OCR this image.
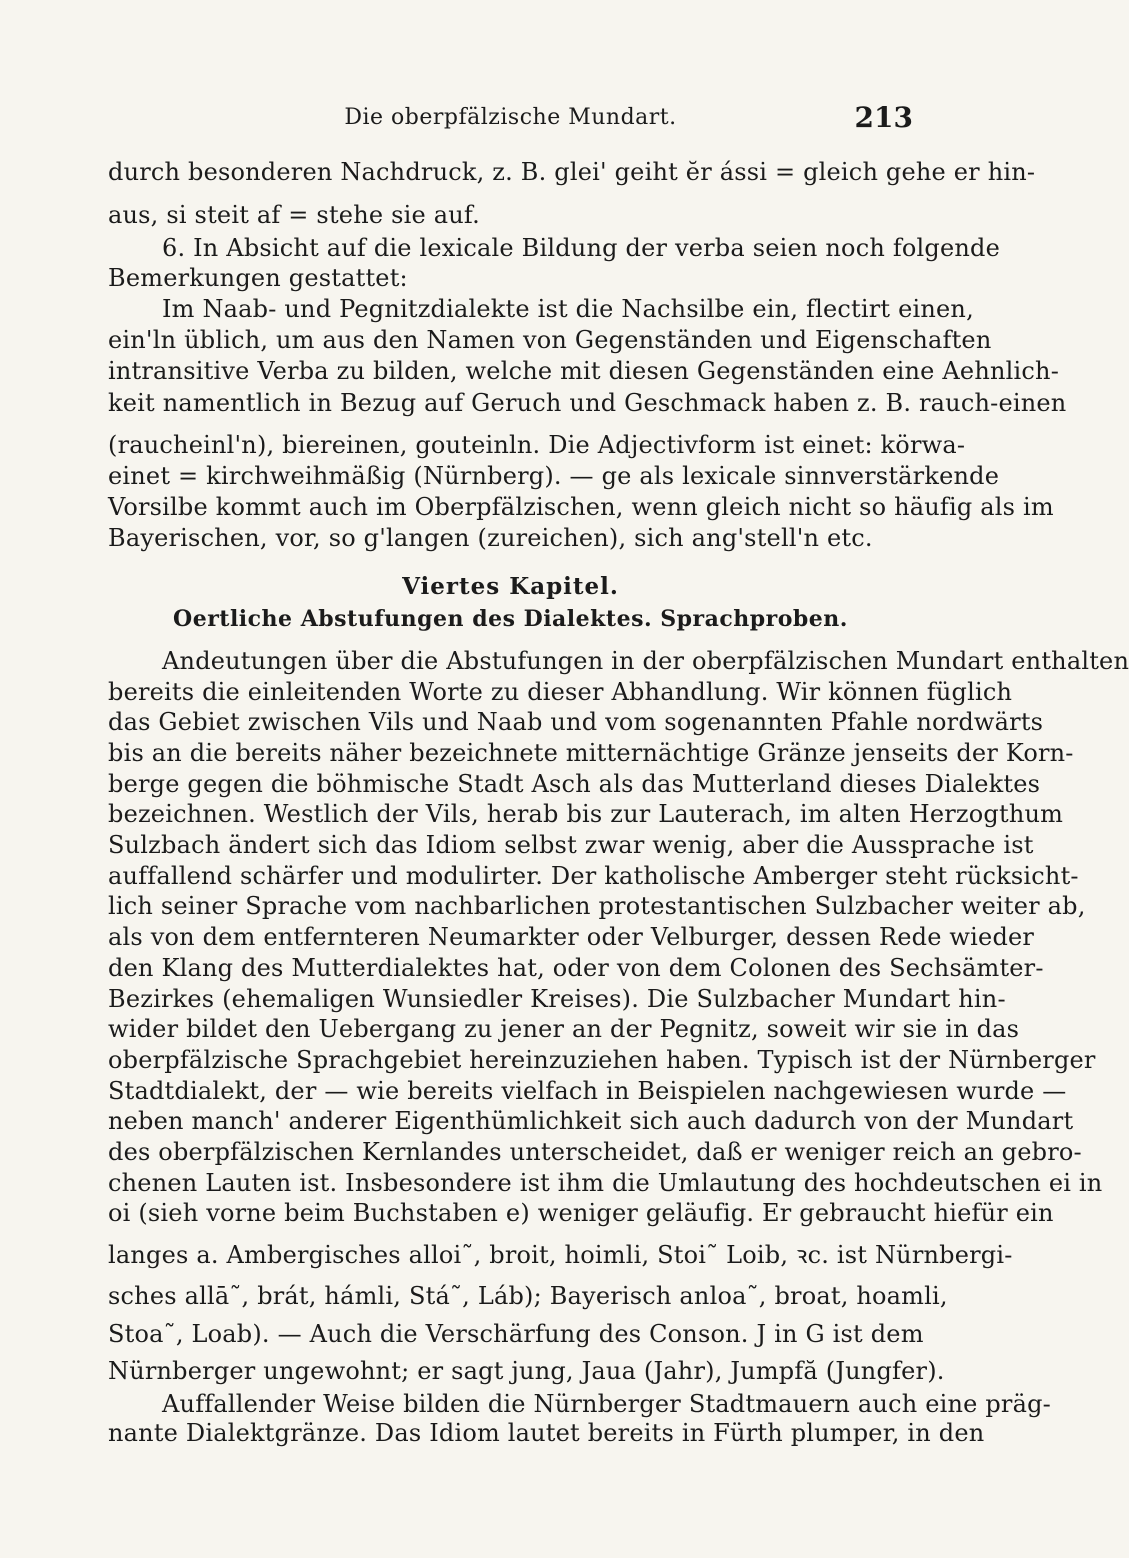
Die oberpfälzische Mundart.	213
durch besonderen Nachdruck, z. B. glei' geiht ĕr ássi = gleich gehe er hin-
aus, si steit af = stehe sie auf.
6. In Absicht auf die lexicale Bildung der verba seien noch folgende
Bemerkungen gestattet:
Im Naab- und Pegnitzdialekte ist die Nachsilbe ein, flectirt einen,
ein'ln üblich, um aus den Namen von Gegenständen und Eigenschaften
intransitive Verba zu bilden, welche mit diesen Gegenständen eine Aehnlich-
keit namentlich in Bezug auf Geruch und Geschmack haben z. B. rauch-einen
(raucheinl'n), biereinen, gouteinln. Die Adjectivform ist einet: körwa-
einet = kirchweihmäßig (Nürnberg). — ge als lexicale sinnverstärkende
Vorsilbe kommt auch im Oberpfälzischen, wenn gleich nicht so häufig als im
Bayerischen, vor, so g'langen (zureichen), sich ang'stell'n etc.
Viertes Kapitel.
Oertliche Abstufungen des Dialektes. Sprachproben.
Andeutungen über die Abstufungen in der oberpfälzischen Mundart enthalten
bereits die einleitenden Worte zu dieser Abhandlung. Wir können füglich
das Gebiet zwischen Vils und Naab und vom sogenannten Pfahle nordwärts
bis an die bereits näher bezeichnete mitternächtige Gränze jenseits der Korn-
berge gegen die böhmische Stadt Asch als das Mutterland dieses Dialektes
bezeichnen. Westlich der Vils, herab bis zur Lauterach, im alten Herzogthum
Sulzbach ändert sich das Idiom selbst zwar wenig, aber die Aussprache ist
auffallend schärfer und modulirter. Der katholische Amberger steht rücksicht-
lich seiner Sprache vom nachbarlichen protestantischen Sulzbacher weiter ab,
als von dem entfernteren Neumarkter oder Velburger, dessen Rede wieder
den Klang des Mutterdialektes hat, oder von dem Colonen des Sechsämter-
Bezirkes (ehemaligen Wunsiedler Kreises). Die Sulzbacher Mundart hin-
wider bildet den Uebergang zu jener an der Pegnitz, soweit wir sie in das
oberpfälzische Sprachgebiet hereinzuziehen haben. Typisch ist der Nürnberger
Stadtdialekt, der — wie bereits vielfach in Beispielen nachgewiesen wurde —
neben manch' anderer Eigenthümlichkeit sich auch dadurch von der Mundart
des oberpfälzischen Kernlandes unterscheidet, daß er weniger reich an gebro-
chenen Lauten ist. Insbesondere ist ihm die Umlautung des hochdeutschen ei in
oi (sieh vorne beim Buchstaben e) weniger geläufig. Er gebraucht hiefür ein
langes a. Ambergisches alloi˜, broit, hoimli, Stoi˜ Loib, ꝛc. ist Nürnbergi-
sches allā˜, brát, hámli, Stá˜, Láb); Bayerisch anloa˜, broat, hoamli,
Stoa˜, Loab). — Auch die Verschärfung des Conson. J in G ist dem
Nürnberger ungewohnt; er sagt jung, Jaua (Jahr), Jumpfă (Jungfer).
Auffallender Weise bilden die Nürnberger Stadtmauern auch eine präg-
nante Dialektgränze. Das Idiom lautet bereits in Fürth plumper, in den
